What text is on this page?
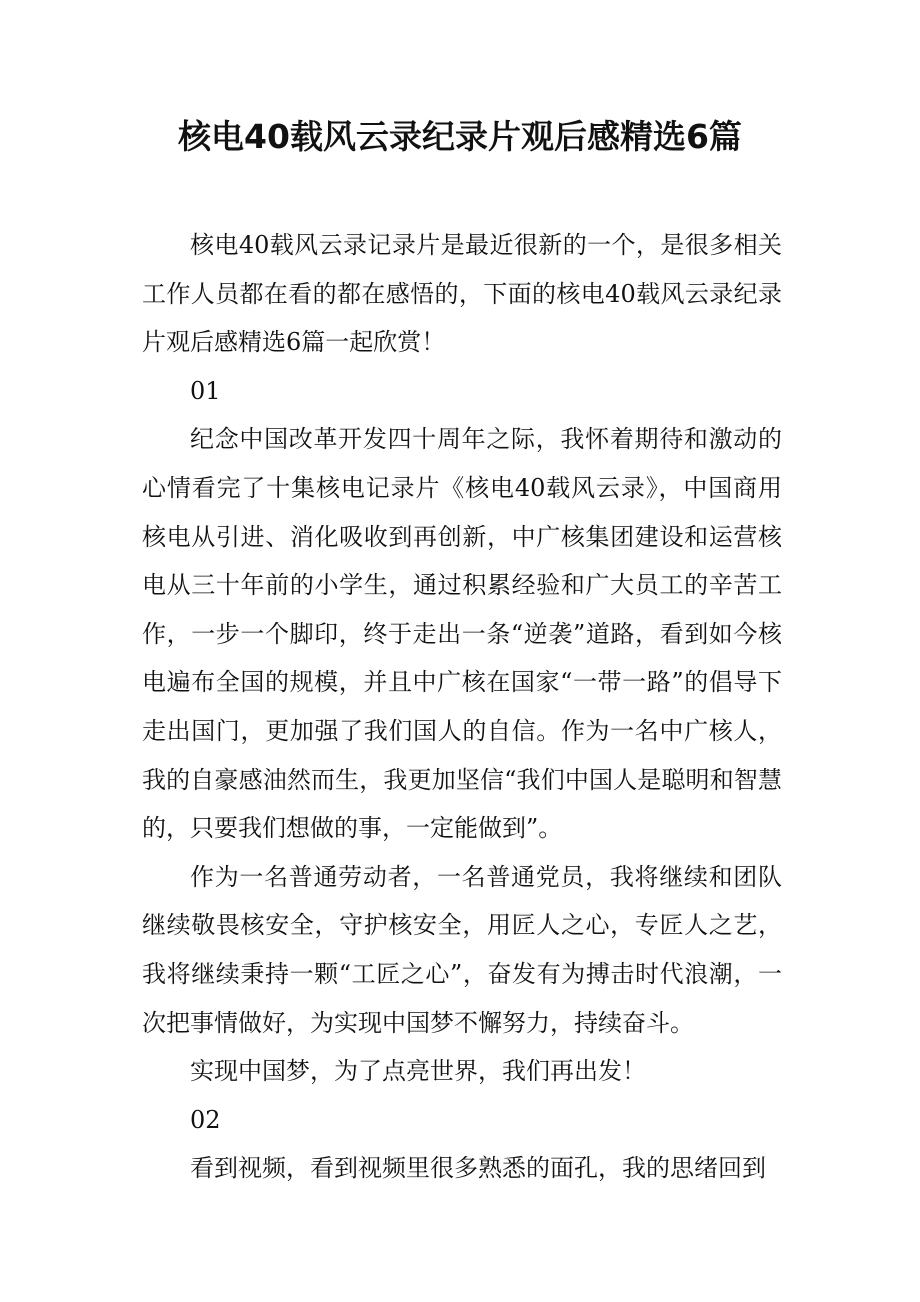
核电40载风云录纪录片观后感精选6篇

核电40载风云录记录片是最近很新的一个，是很多相关工作人员都在看的都在感悟的，下面的核电40载风云录纪录片观后感精选6篇一起欣赏！

01

纪念中国改革开发四十周年之际，我怀着期待和激动的心情看完了十集核电记录片《核电40载风云录》，中国商用核电从引进、消化吸收到再创新，中广核集团建设和运营核电从三十年前的小学生，通过积累经验和广大员工的辛苦工作，一步一个脚印，终于走出一条“逆袭”道路，看到如今核电遍布全国的规模，并且中广核在国家“一带一路”的倡导下走出国门，更加强了我们国人的自信。作为一名中广核人，我的自豪感油然而生，我更加坚信“我们中国人是聪明和智慧的，只要我们想做的事，一定能做到”。

作为一名普通劳动者，一名普通党员，我将继续和团队继续敬畏核安全，守护核安全，用匠人之心，专匠人之艺，我将继续秉持一颗“工匠之心”，奋发有为搏击时代浪潮，一次把事情做好，为实现中国梦不懈努力，持续奋斗。

实现中国梦，为了点亮世界，我们再出发！

02

看到视频，看到视频里很多熟悉的面孔，我的思绪回到
